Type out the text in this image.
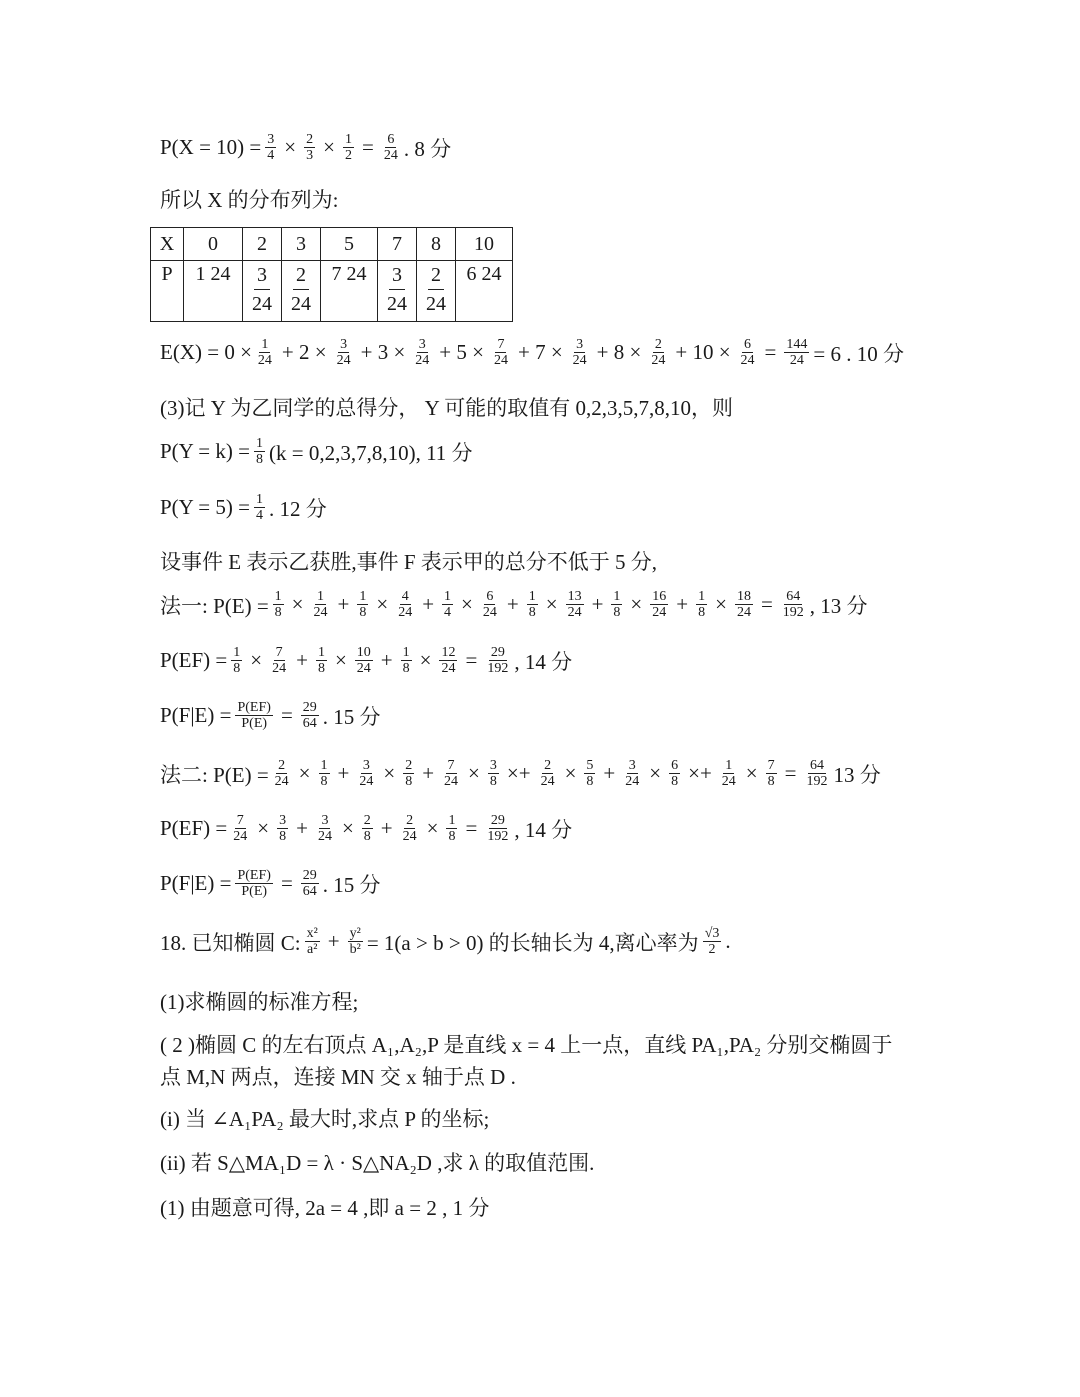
$P(X = 10) = \frac{3}{4} \times \frac{2}{3} \times \frac{1}{2} = \frac{6}{24}$ . 8 分
所以 X 的分布列为:
X	0	2	3	5	7	8	10
P	1 24	$\frac{3}{24}$	$\frac{2}{24}$	7 24	$\frac{3}{24}$	$\frac{2}{24}$	6 24
$E(X) = 0 \times \frac{1}{24} + 2 \times \frac{3}{24} + 3 \times \frac{3}{24} + 5 \times \frac{7}{24} + 7 \times \frac{3}{24} + 8 \times \frac{2}{24} + 10 \times \frac{6}{24} = \frac{144}{24} = 6$ . 10 分
(3)记 Y 为乙同学的总得分， Y 可能的取值有 0,2,3,5,7,8,10，则
$P(Y = k) = \frac{1}{8} (k = 0,2,3,7,8,10)$, 11 分
$P(Y = 5) = \frac{1}{4}$ . 12 分
设事件 E 表示乙获胜,事件 F 表示甲的总分不低于 5 分,
法一: $P(E) = \frac{1}{8} \times \frac{1}{24} + \frac{1}{8} \times \frac{4}{24} + \frac{1}{4} \times \frac{6}{24} + \frac{1}{8} \times \frac{13}{24} + \frac{1}{8} \times \frac{16}{24} + \frac{1}{8} \times \frac{18}{24} = \frac{64}{192}$ , 13 分
$P(EF) = \frac{1}{8} \times \frac{7}{24} + \frac{1}{8} \times \frac{10}{24} + \frac{1}{8} \times \frac{12}{24} = \frac{29}{192}$ , 14 分
$P(F|E) = \frac{P(EF)}{P(E)} = \frac{29}{64}$ . 15 分
法二: $P(E) = \frac{2}{24} \times \frac{1}{8} + \frac{3}{24} \times \frac{2}{8} + \frac{7}{24} \times \frac{3}{8} \times+ \frac{2}{24} \times \frac{5}{8} + \frac{3}{24} \times \frac{6}{8} \times+ \frac{1}{24} \times \frac{7}{8} = \frac{64}{192} 13$ 分
$P(EF) = \frac{7}{24} \times \frac{3}{8} + \frac{3}{24} \times \frac{2}{8} + \frac{2}{24} \times \frac{1}{8} = \frac{29}{192}$ , 14 分
$P(F|E) = \frac{P(EF)}{P(E)} = \frac{29}{64}$ . 15 分
18. 已知椭圆 C: $\frac{\text{x²}}{\text{a²}} + \frac{\text{y²}}{\text{b²}} = 1(a > b > 0)$ 的长轴长为 4,离心率为 $\frac{√3}{2}$ .
(1)求椭圆的标准方程;
( 2 )椭圆 C 的左右顶点 A₁,A₂,P 是直线 x = 4 上一点，直线 PA₁,PA₂ 分别交椭圆于
点 M,N 两点，连接 MN 交 x 轴于点 D .
(i) 当 ∠A₁PA₂ 最大时,求点 P 的坐标;
(ii) 若 S△MA₁D = λ · S△NA₂D ,求 λ 的取值范围.
(1) 由题意可得, 2a = 4 ,即 a = 2 , 1 分
